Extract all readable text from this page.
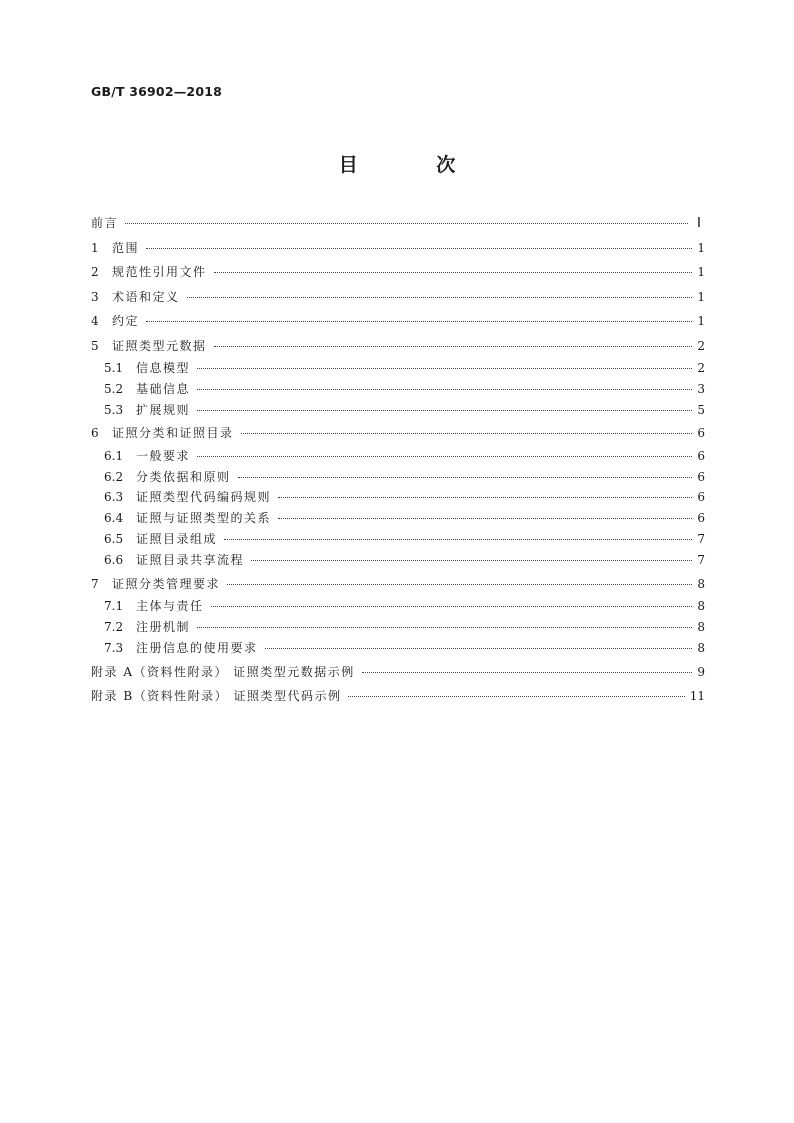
GB/T 36902—2018
目 次
前言	Ⅰ
1	范围	1
2	规范性引用文件	1
3	术语和定义	1
4	约定	1
5	证照类型元数据	2
5.1	信息模型	2
5.2	基础信息	3
5.3	扩展规则	5
6	证照分类和证照目录	6
6.1	一般要求	6
6.2	分类依据和原则	6
6.3	证照类型代码编码规则	6
6.4	证照与证照类型的关系	6
6.5	证照目录组成	7
6.6	证照目录共享流程	7
7	证照分类管理要求	8
7.1	主体与责任	8
7.2	注册机制	8
7.3	注册信息的使用要求	8
附录 A（资料性附录） 证照类型元数据示例	9
附录 B（资料性附录） 证照类型代码示例	11
